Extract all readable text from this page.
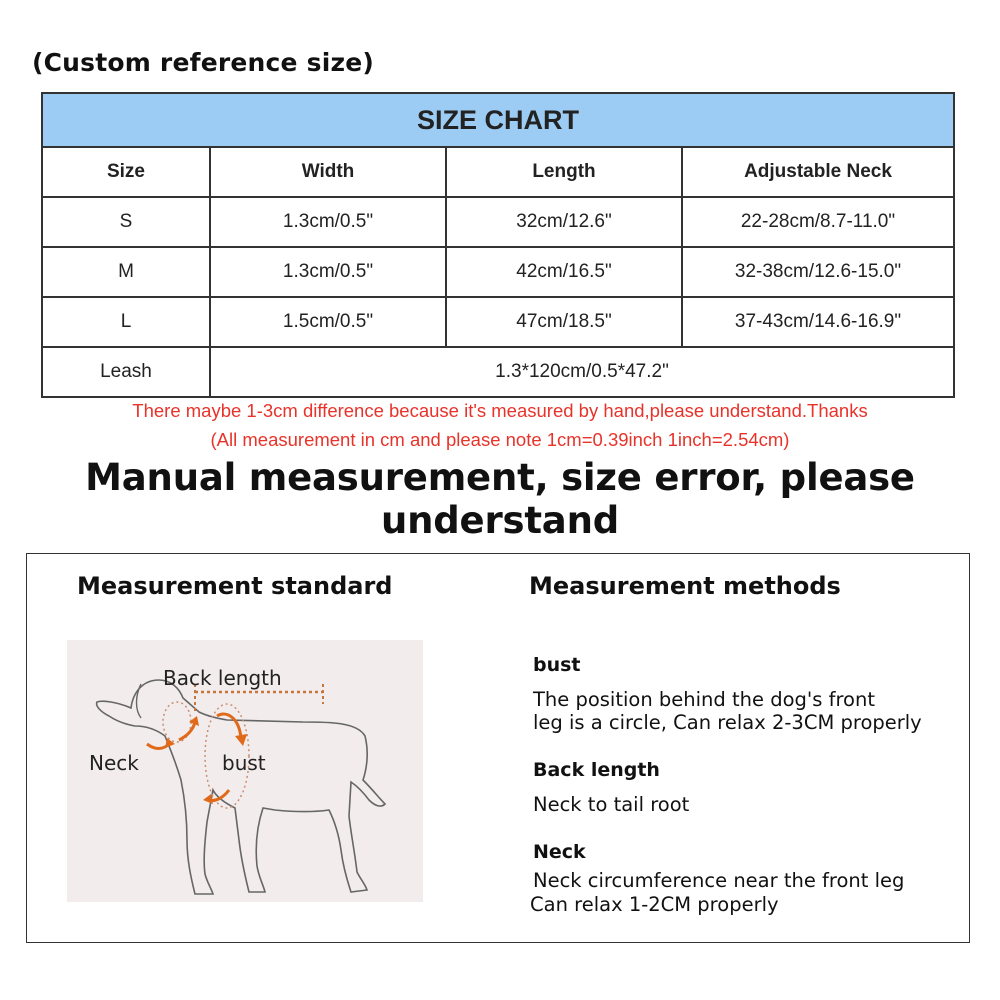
(Custom reference size)
SIZE CHART			
Size	Width	Length	Adjustable Neck
S	1.3cm/0.5"	32cm/12.6"	22-28cm/8.7-11.0"
M	1.3cm/0.5"	42cm/16.5"	32-38cm/12.6-15.0"
L	1.5cm/0.5"	47cm/18.5"	37-43cm/14.6-16.9"
Leash	1.3*120cm/0.5*47.2"		
There maybe 1-3cm difference because it's measured by hand,please understand.Thanks
(All measurement in cm and please note 1cm=0.39inch 1inch=2.54cm)
Manual measurement, size error, please understand
Measurement standard	Measurement methods
Back length
Neck	bust
bust
The position behind the dog's front
leg is a circle, Can relax 2-3CM properly
Back length
Neck to tail root
Neck
Neck circumference near the front leg
Can relax 1-2CM properly
